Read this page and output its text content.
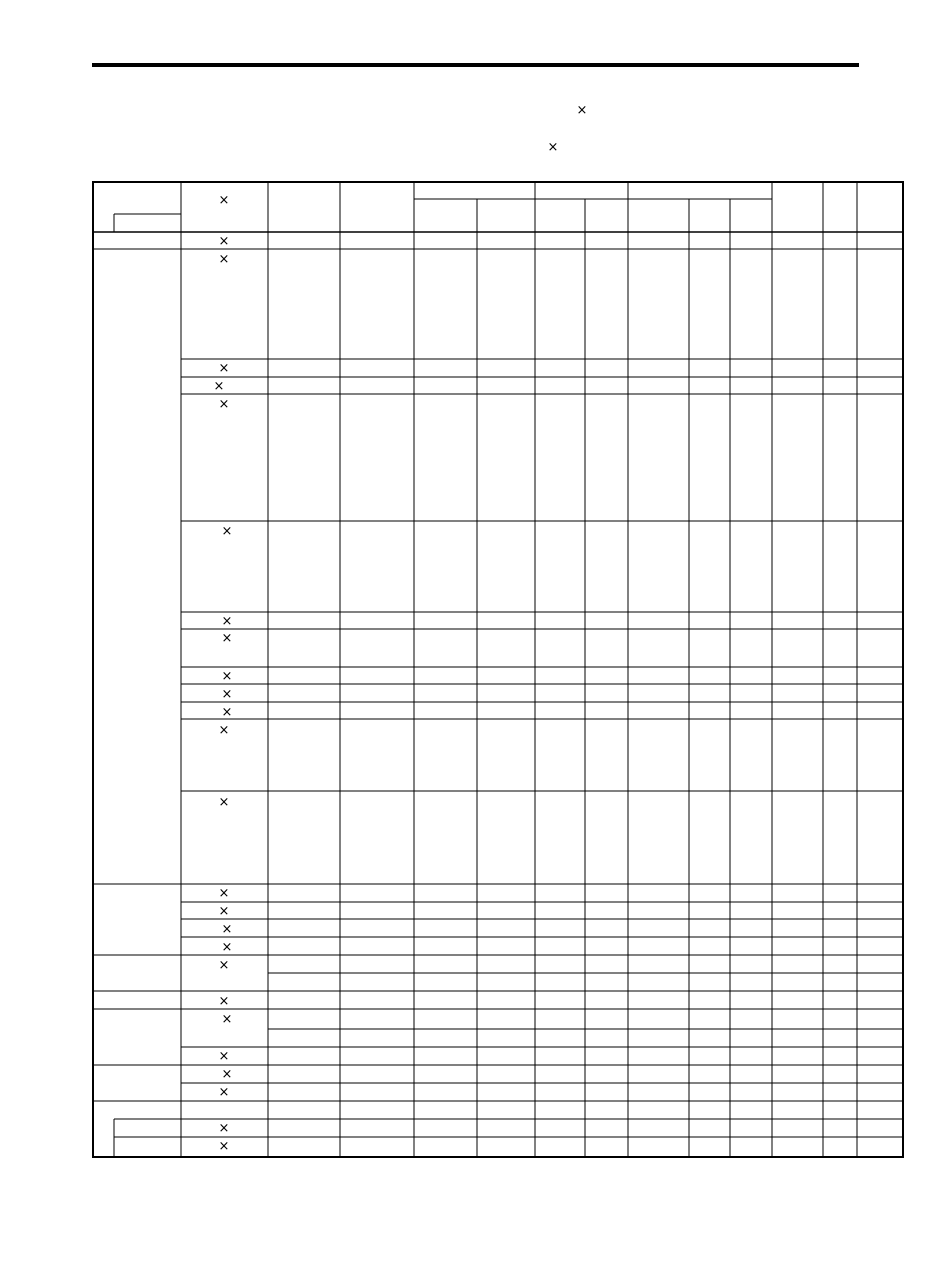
×
×
×
×
×
×
×
×
×
×
×
×
×
×
×
×
×
×
×
×
×
×
×
×
×
×
×
×
